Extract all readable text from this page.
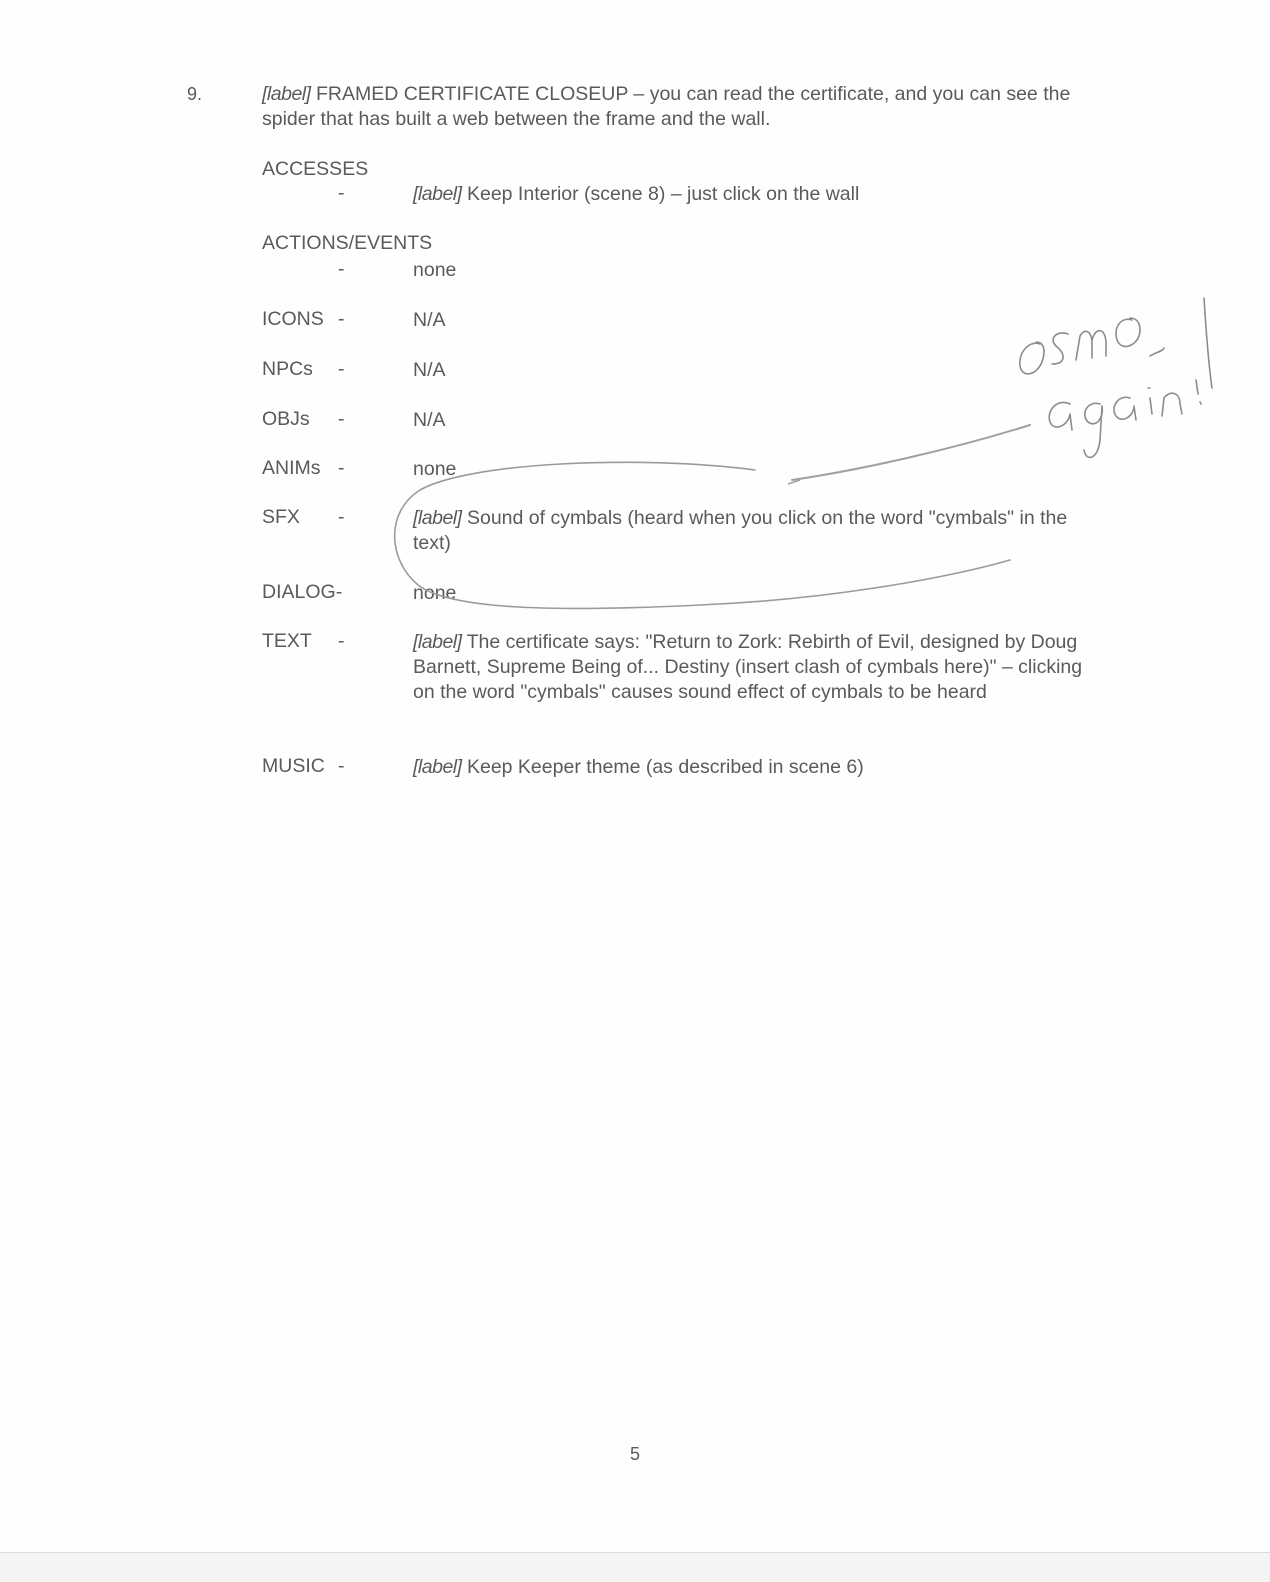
9.	[label] FRAMED CERTIFICATE CLOSEUP – you can read the certificate, and you can see the spider that has built a web between the frame and the wall.
ACCESSES
-	[label] Keep Interior (scene 8) – just click on the wall
ACTIONS/EVENTS
-	none
ICONS -	N/A
NPCs -	N/A
OBJs -	N/A
ANIMs -	none
SFX -	[label] Sound of cymbals (heard when you click on the word "cymbals" in the text)
DIALOG-	none
TEXT -	[label] The certificate says: "Return to Zork: Rebirth of Evil, designed by Doug Barnett, Supreme Being of... Destiny (insert clash of cymbals here)" – clicking on the word "cymbals" causes sound effect of cymbals to be heard
MUSIC -	[label] Keep Keeper theme (as described in scene 6)
5
